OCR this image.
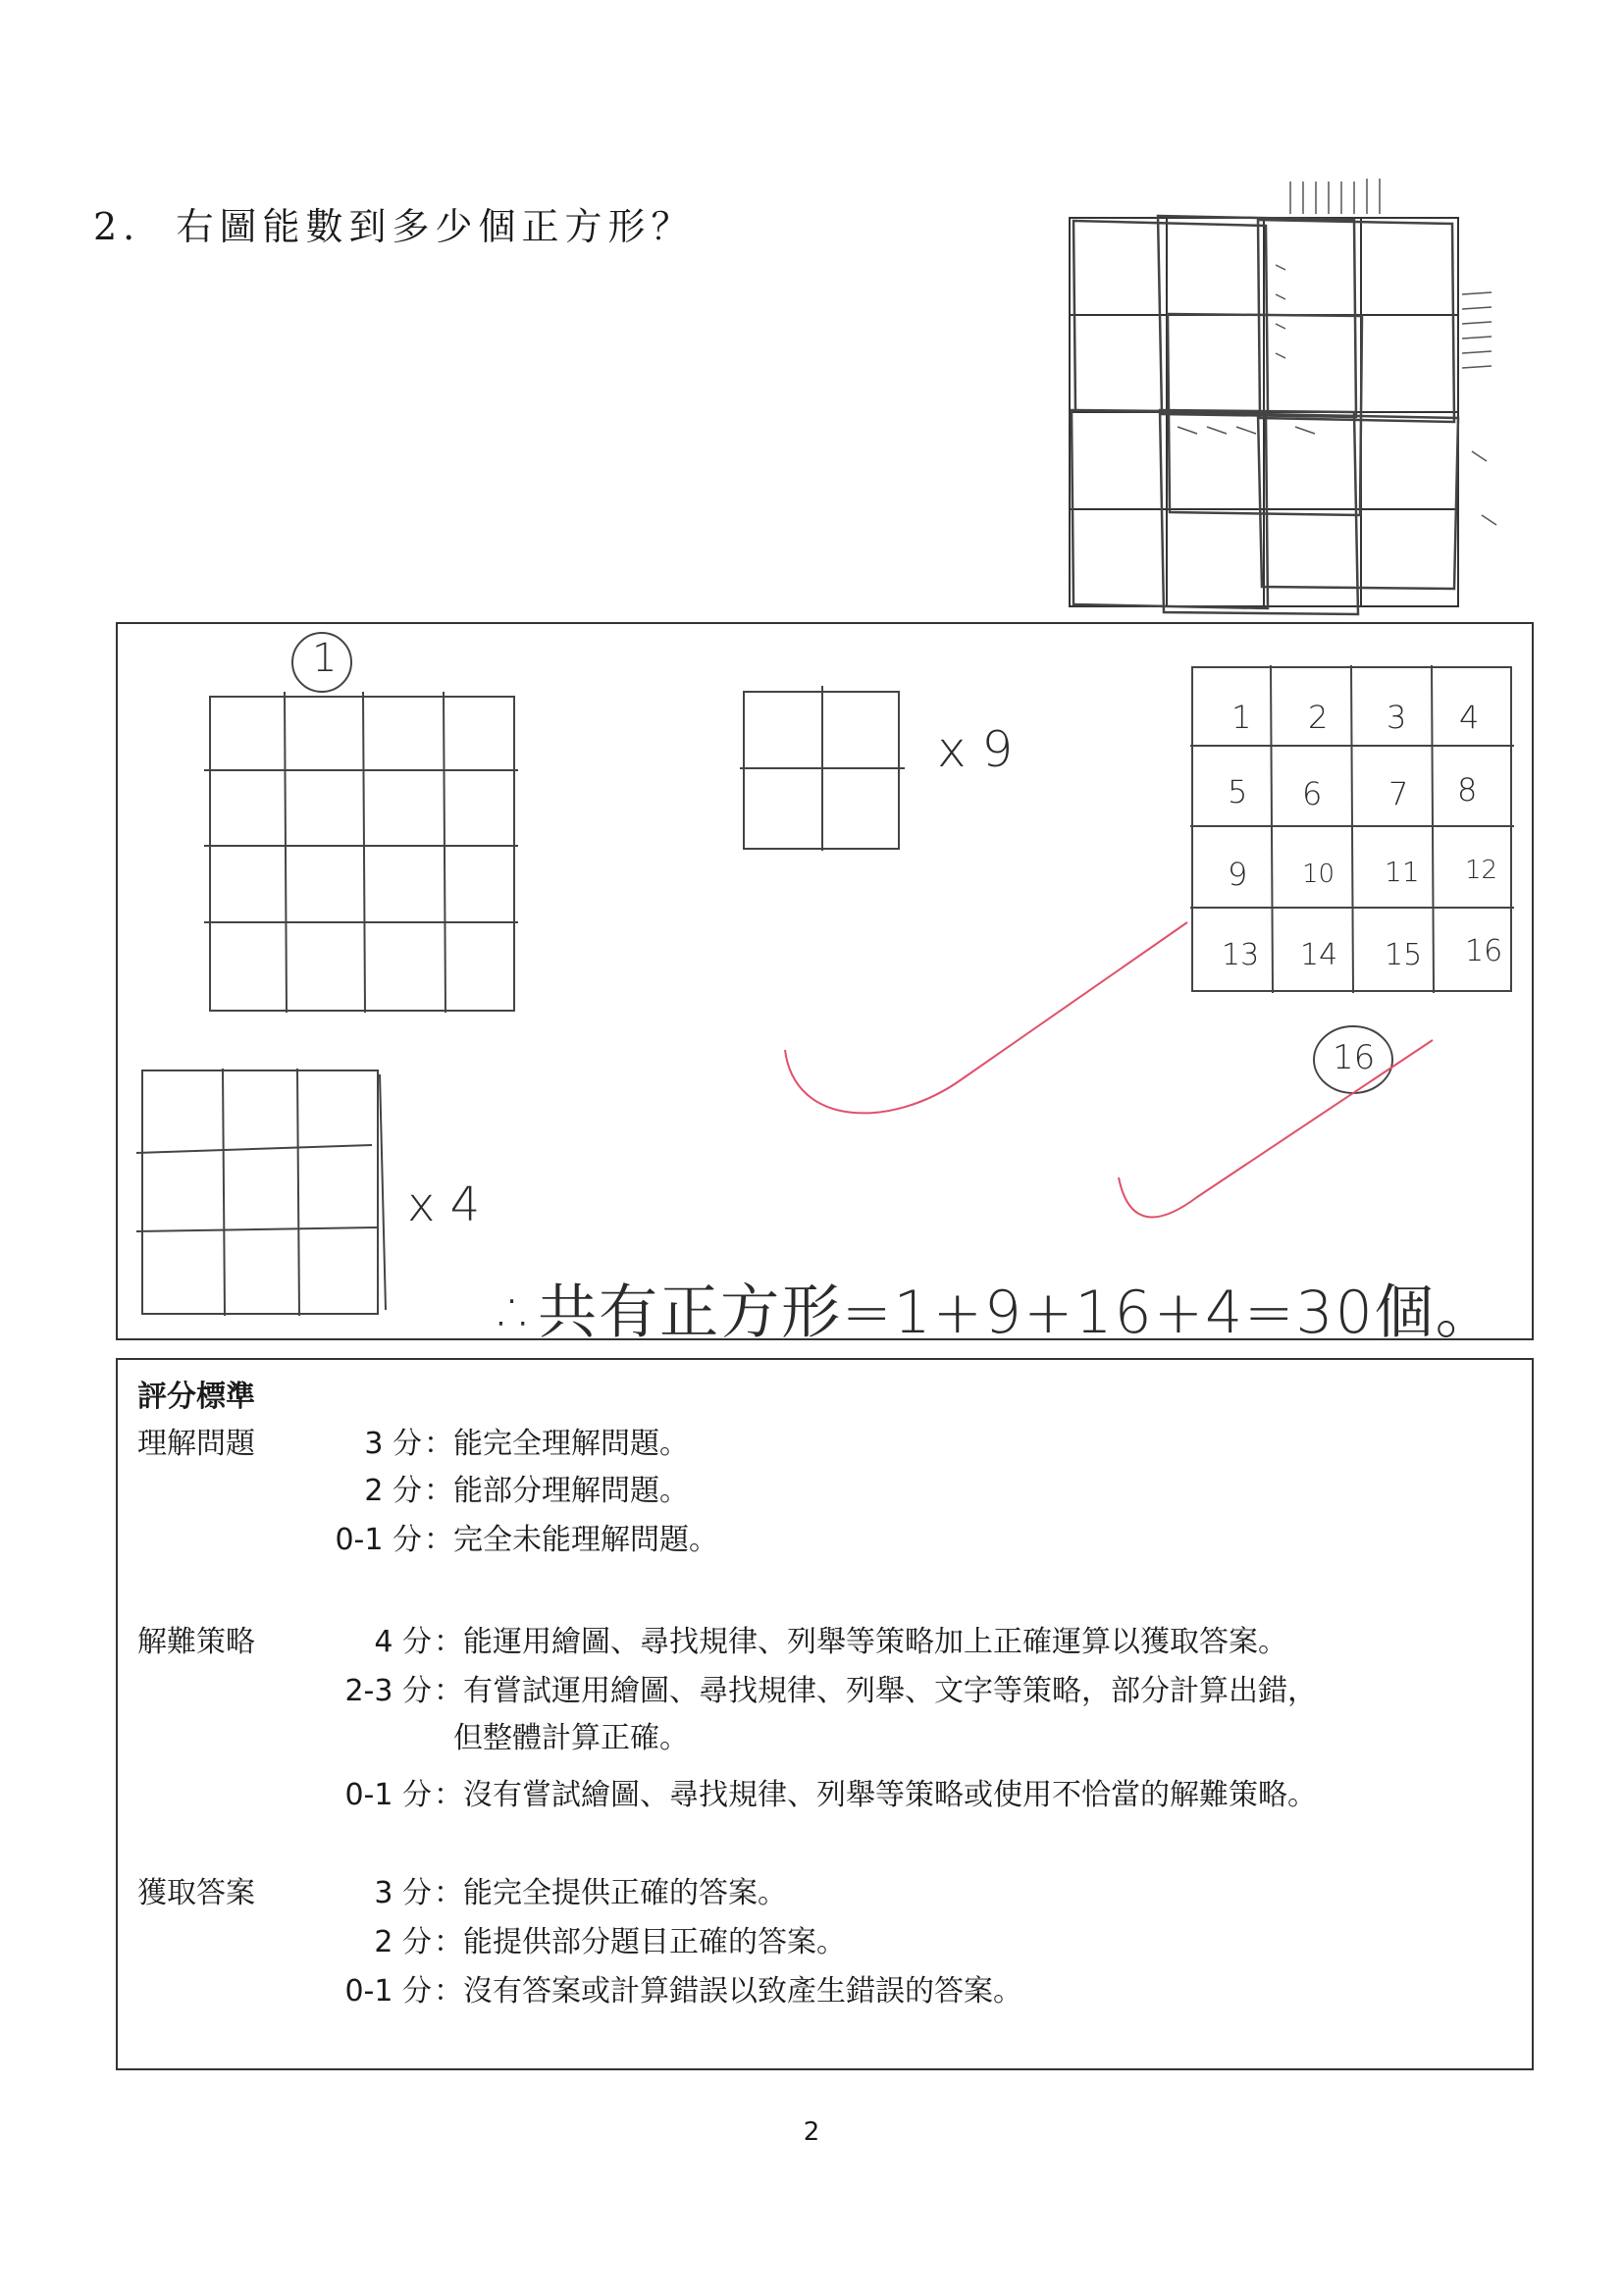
2. 右圖能數到多少個正方形？
1
x 9
1 2 3 4
5 6 7 8
9 10 11 12
13 14 15 16
16
x 4
∴共有正方形=1+9+16+4=30個。
評分標準
理解問題	3 分 ：能完全理解問題。
2 分 ：能部分理解問題。
0-1 分 ：完全未能理解問題。
解難策略	4 分 ：能運用繪圖、尋找規律、列舉等策略加上正確運算以獲取答案。
2-3 分 ：有嘗試運用繪圖、尋找規律、列舉、文字等策略，部分計算出錯，
但整體計算正確。
0-1 分 ：沒有嘗試繪圖、尋找規律、列舉等策略或使用不恰當的解難策略。
獲取答案	3 分 ：能完全提供正確的答案。
2 分 ：能提供部分題目正確的答案。
0-1 分 ：沒有答案或計算錯誤以致產生錯誤的答案。
2
